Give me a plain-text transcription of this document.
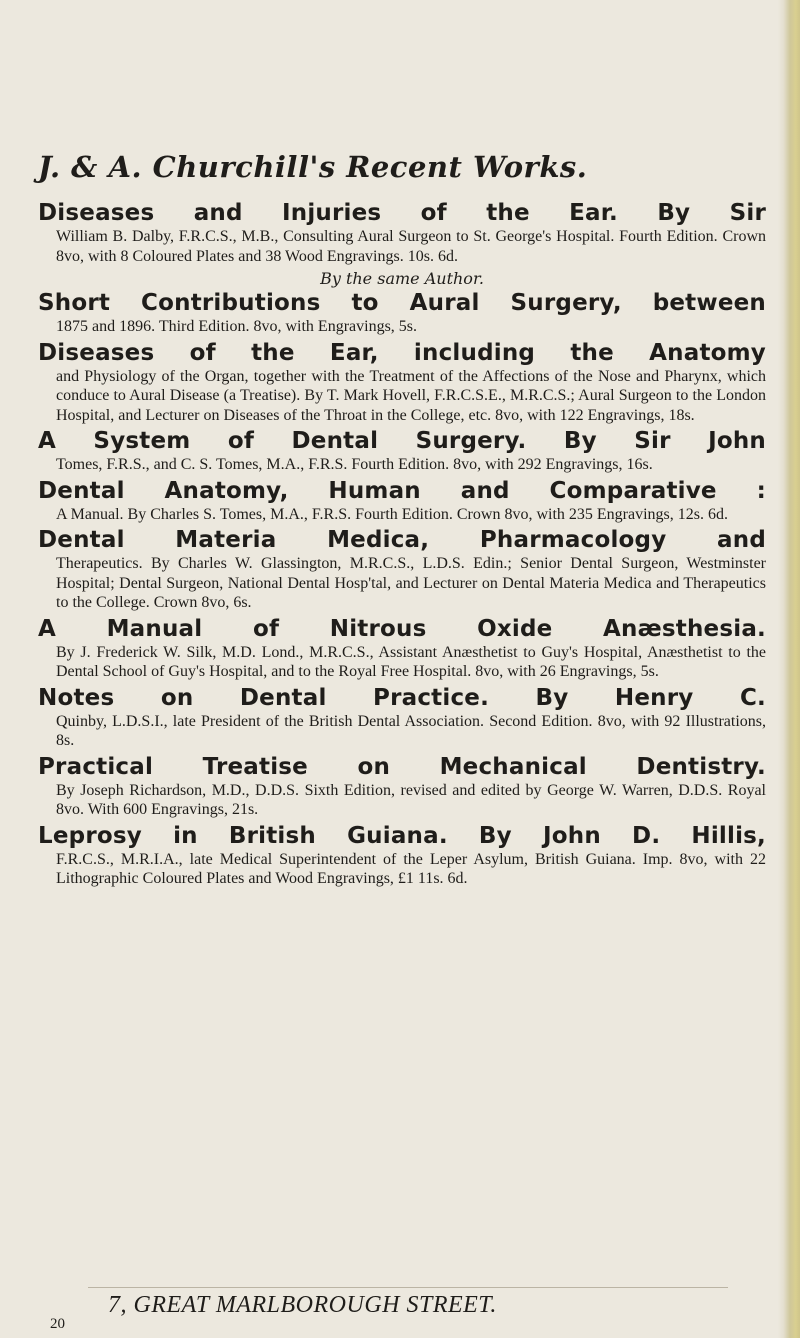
J. & A. Churchill's Recent Works.
Diseases and Injuries of the Ear. By Sir
William B. Dalby, F.R.C.S., M.B., Consulting Aural Surgeon to St. George's Hospital. Fourth Edition. Crown 8vo, with 8 Coloured Plates and 38 Wood Engravings. 10s. 6d.
By the same Author.
Short Contributions to Aural Surgery, between
1875 and 1896. Third Edition. 8vo, with Engravings, 5s.
Diseases of the Ear, including the Anatomy
and Physiology of the Organ, together with the Treatment of the Affections of the Nose and Pharynx, which conduce to Aural Disease (a Treatise). By T. Mark Hovell, F.R.C.S.E., M.R.C.S.; Aural Surgeon to the London Hospital, and Lecturer on Diseases of the Throat in the College, etc. 8vo, with 122 Engravings, 18s.
A System of Dental Surgery. By Sir John
Tomes, F.R.S., and C. S. Tomes, M.A., F.R.S. Fourth Edition. 8vo, with 292 Engravings, 16s.
Dental Anatomy, Human and Comparative :
A Manual. By Charles S. Tomes, M.A., F.R.S. Fourth Edition. Crown 8vo, with 235 Engravings, 12s. 6d.
Dental Materia Medica, Pharmacology and
Therapeutics. By Charles W. Glassington, M.R.C.S., L.D.S. Edin.; Senior Dental Surgeon, Westminster Hospital; Dental Surgeon, National Dental Hosp'tal, and Lecturer on Dental Materia Medica and Therapeutics to the College. Crown 8vo, 6s.
A Manual of Nitrous Oxide Anæsthesia.
By J. Frederick W. Silk, M.D. Lond., M.R.C.S., Assistant Anæsthetist to Guy's Hospital, Anæsthetist to the Dental School of Guy's Hospital, and to the Royal Free Hospital. 8vo, with 26 Engravings, 5s.
Notes on Dental Practice. By Henry C.
Quinby, L.D.S.I., late President of the British Dental Association. Second Edition. 8vo, with 92 Illustrations, 8s.
Practical Treatise on Mechanical Dentistry.
By Joseph Richardson, M.D., D.D.S. Sixth Edition, revised and edited by George W. Warren, D.D.S. Royal 8vo. With 600 Engravings, 21s.
Leprosy in British Guiana. By John D. Hillis,
F.R.C.S., M.R.I.A., late Medical Superintendent of the Leper Asylum, British Guiana. Imp. 8vo, with 22 Lithographic Coloured Plates and Wood Engravings, £1 11s. 6d.
7, GREAT MARLBOROUGH STREET.
20
